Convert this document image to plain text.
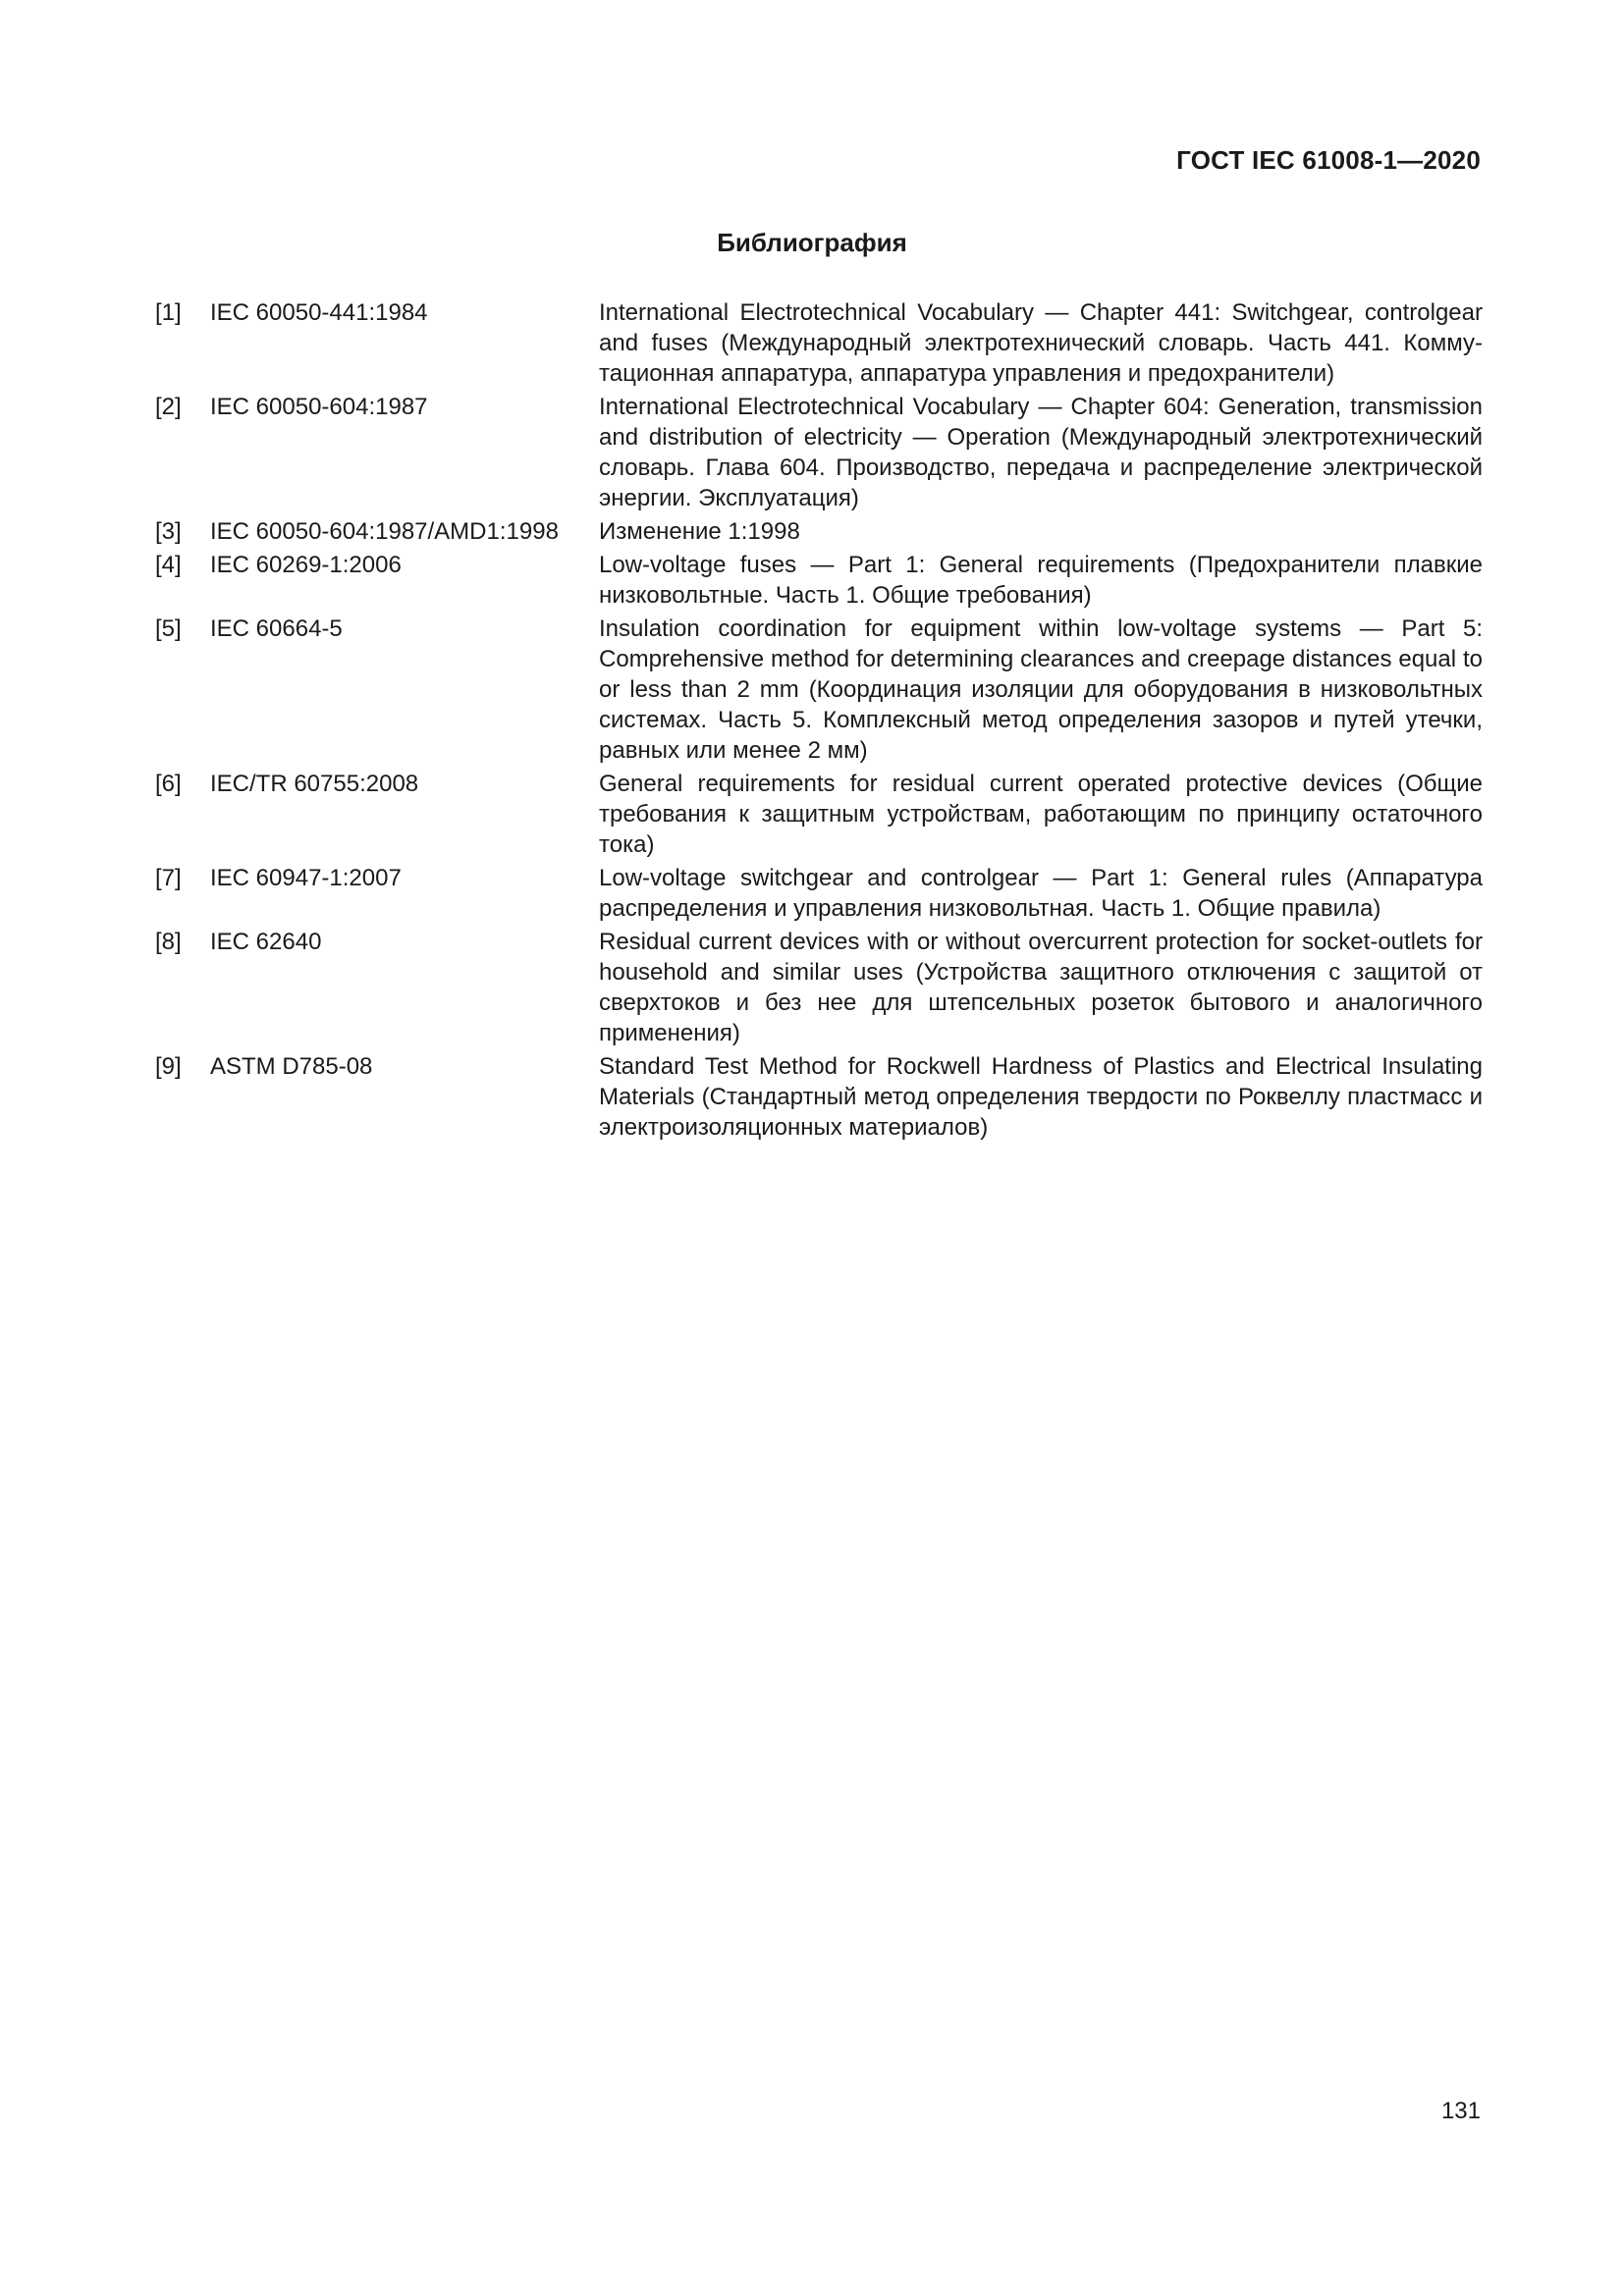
ГОСТ IEC 61008-1—2020
Библиография
[1]	IEC 60050-441:1984	International Electrotechnical Vocabulary — Chapter 441: Switchgear, controlgear and fuses (Международный электротехнический словарь. Часть 441. Коммутационная аппаратура, аппаратура управления и предохранители)
[2]	IEC 60050-604:1987	International Electrotechnical Vocabulary — Chapter 604: Generation, transmission and distribution of electricity — Operation (Международный электротехнический словарь. Глава 604. Производство, передача и распределение электрической энергии. Эксплуатация)
[3]	IEC 60050-604:1987/AMD1:1998	Изменение 1:1998
[4]	IEC 60269-1:2006	Low-voltage fuses — Part 1: General requirements (Предохранители плавкие низковольтные. Часть 1. Общие требования)
[5]	IEC 60664-5	Insulation coordination for equipment within low-voltage systems — Part 5: Comprehensive method for determining clearances and creepage distances equal to or less than 2 mm (Координация изоляции для оборудования в низковольтных системах. Часть 5. Комплексный метод определения зазоров и путей утечки, равных или менее 2 мм)
[6]	IEC/TR 60755:2008	General requirements for residual current operated protective devices (Общие требования к защитным устройствам, работающим по принципу остаточного тока)
[7]	IEC 60947-1:2007	Low-voltage switchgear and controlgear — Part 1: General rules (Аппаратура распределения и управления низковольтная. Часть 1. Общие правила)
[8]	IEC 62640	Residual current devices with or without overcurrent protection for socket-outlets for household and similar uses (Устройства защитного отключения с защитой от сверхтоков и без нее для штепсельных розеток бытового и аналогичного применения)
[9]	ASTM D785-08	Standard Test Method for Rockwell Hardness of Plastics and Electrical Insulating Materials (Стандартный метод определения твердости по Роквеллу пластмасс и электроизоляционных материалов)
131
